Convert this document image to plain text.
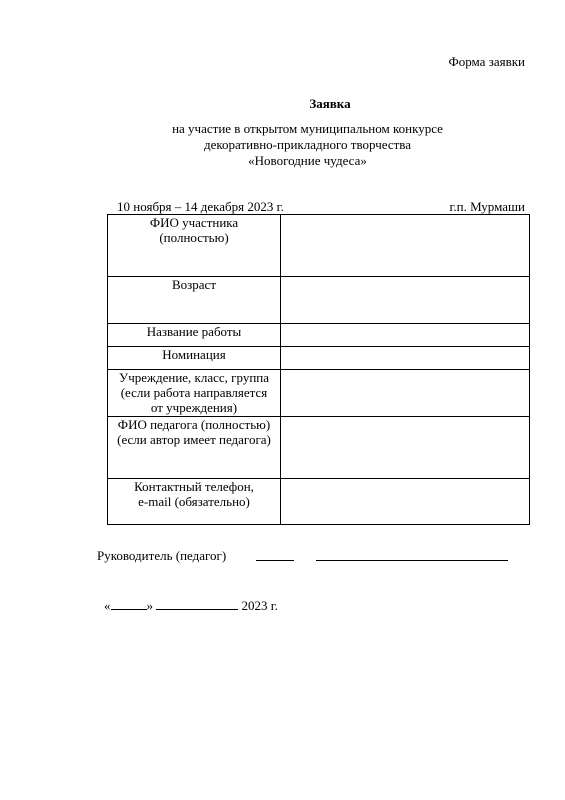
Форма заявки
Заявка
на участие в открытом муниципальном конкурсе
декоративно-прикладного творчества
«Новогодние чудеса»
10 ноября – 14 декабря 2023 г.	г.п. Мурмаши
ФИО участника
(полностью)	

Возраст	

Название работы	

Номинация	

Учреждение, класс, группа
(если работа направляется
от учреждения)	

ФИО педагога (полностью)
(если автор имеет педагога)	

Контактный телефон,
e-mail (обязательно)	

Руководитель (педагог)
«	»	2023 г.
